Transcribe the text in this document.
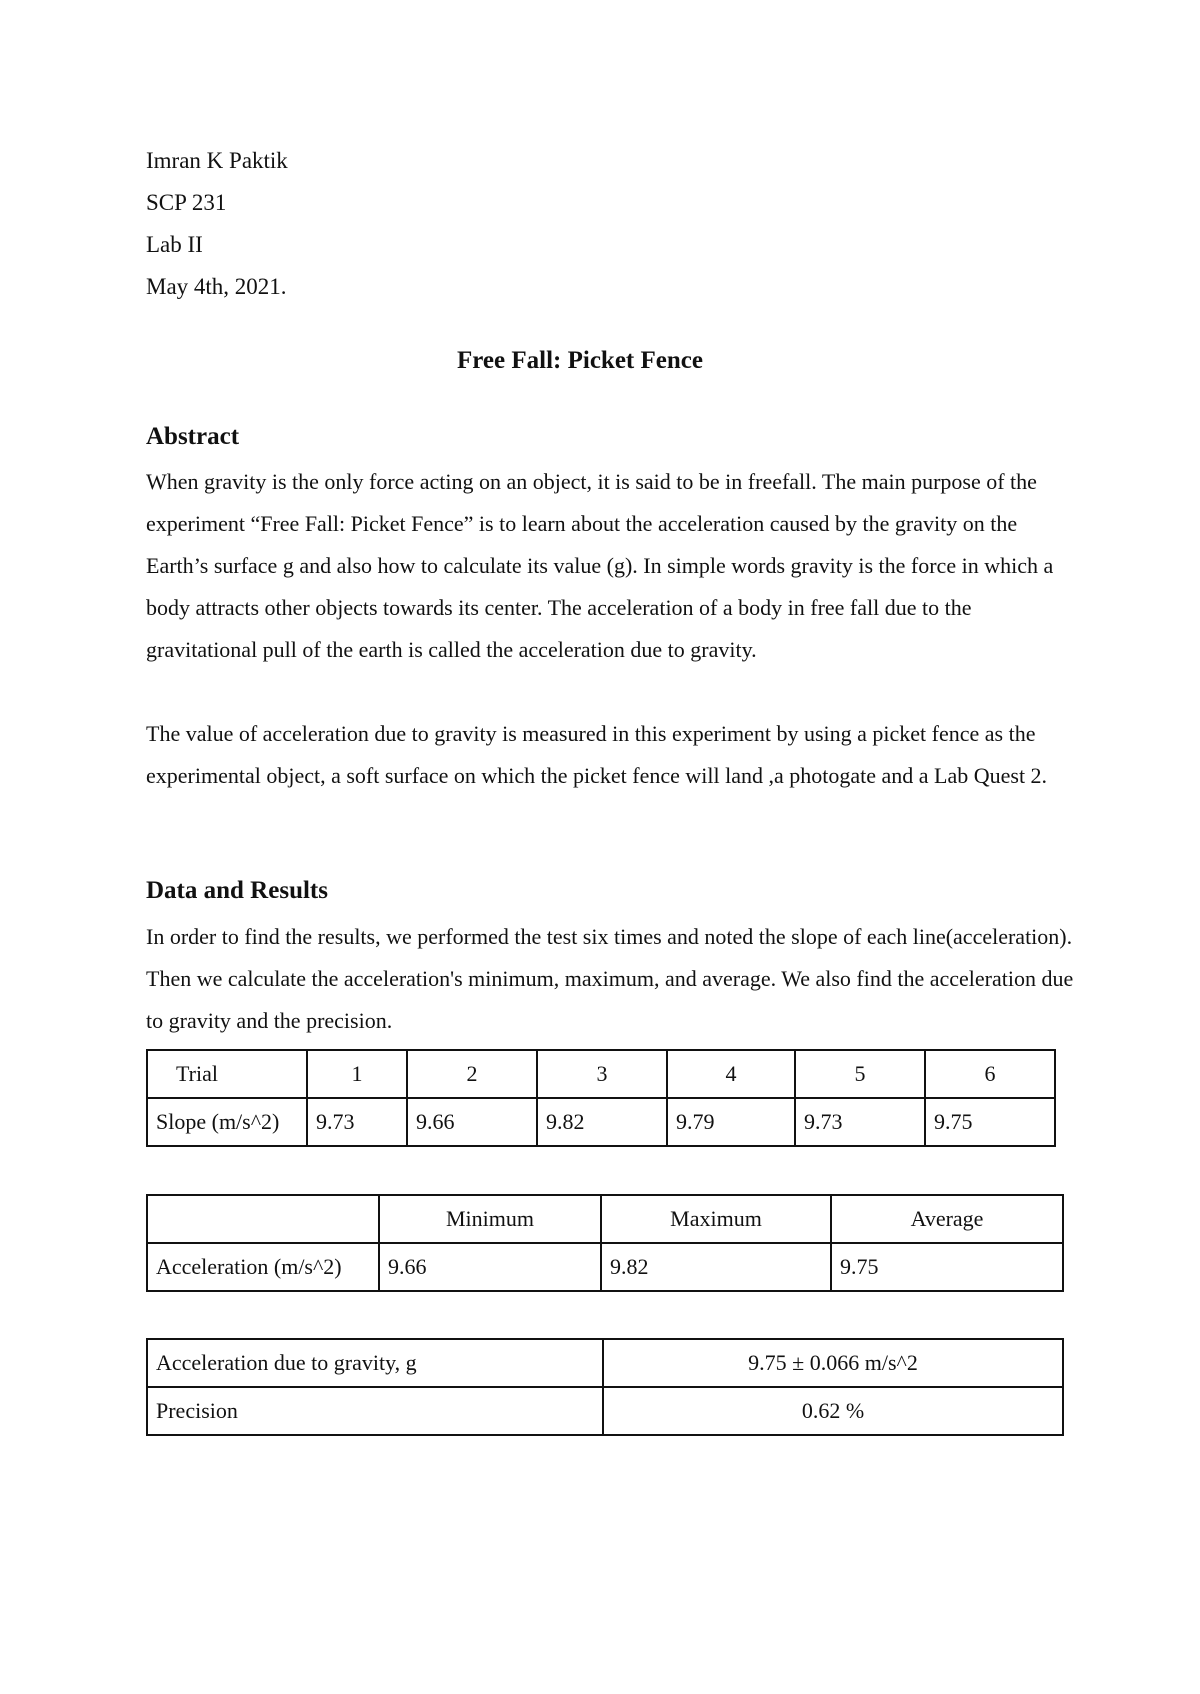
Imran K Paktik
SCP 231
Lab II
May 4th, 2021.
Free Fall: Picket Fence
Abstract

When gravity is the only force acting on an object, it is said to be in freefall. The main purpose of the experiment “Free Fall: Picket Fence” is to learn about the acceleration caused by the gravity on the Earth’s surface g and also how to calculate its value (g). In simple words gravity is the force in which a body attracts other objects towards its center. The acceleration of a body in free fall due to the gravitational pull of the earth is called the acceleration due to gravity.

The value of acceleration due to gravity is measured in this experiment by using a picket fence as the experimental object, a soft surface on which the picket fence will land ,a photogate and a Lab Quest 2.

Data and Results

In order to find the results, we performed the test six times and noted the slope of each line(acceleration). Then we calculate the acceleration's minimum, maximum, and average. We also find the acceleration due to gravity and the precision.

Trial	1	2	3	4	5	6
Slope (m/s^2)	9.73	9.66	9.82	9.79	9.73	9.75
	Minimum	Maximum	Average
Acceleration (m/s^2)	9.66	9.82	9.75
Acceleration due to gravity, g	9.75 ± 0.066 m/s^2
Precision	0.62 %
